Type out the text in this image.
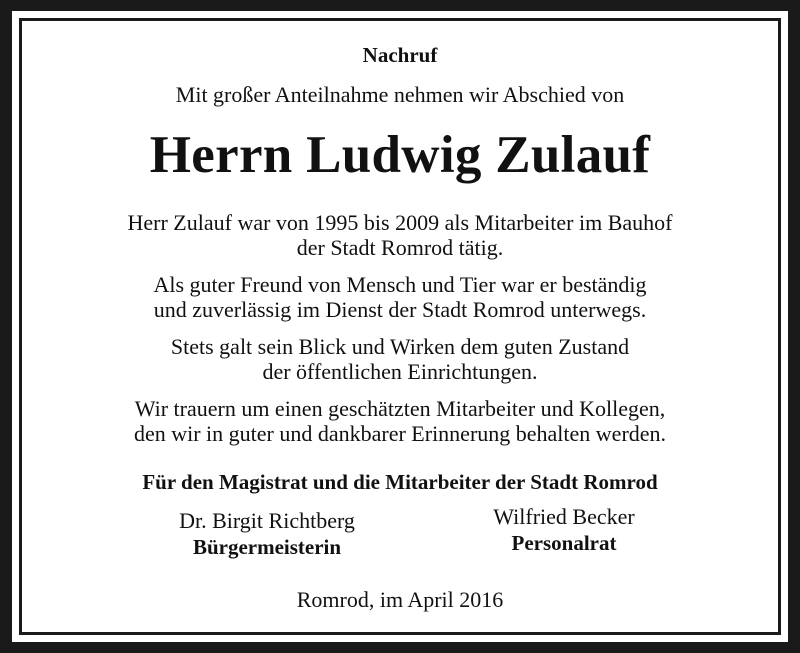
Nachruf
Mit großer Anteilnahme nehmen wir Abschied von
Herrn Ludwig Zulauf
Herr Zulauf war von 1995 bis 2009 als Mitarbeiter im Bauhof
der Stadt Romrod tätig.
Als guter Freund von Mensch und Tier war er beständig
und zuverlässig im Dienst der Stadt Romrod unterwegs.
Stets galt sein Blick und Wirken dem guten Zustand
der öffentlichen Einrichtungen.
Wir trauern um einen geschätzten Mitarbeiter und Kollegen,
den wir in guter und dankbarer Erinnerung behalten werden.
Für den Magistrat und die Mitarbeiter der Stadt Romrod
Dr. Birgit Richtberg
Bürgermeisterin
Wilfried Becker
Personalrat
Romrod, im April 2016
